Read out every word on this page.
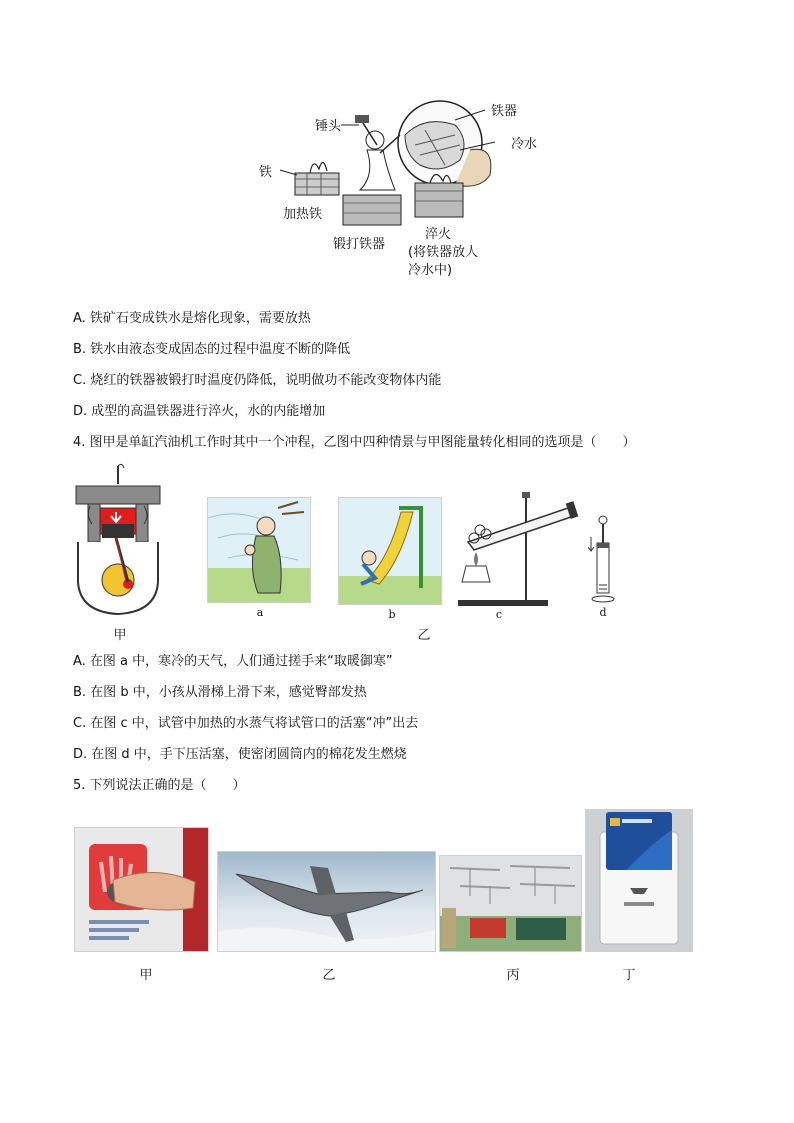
锤头
铁器
冷水
铁
加热铁
锻打铁器
淬火
(将铁器放人
冷水中)
A. 铁矿石变成铁水是熔化现象，需要放热
B. 铁水由液态变成固态的过程中温度不断的降低
C. 烧红的铁器被锻打时温度仍降低，说明做功不能改变物体内能
D. 成型的高温铁器进行淬火，水的内能增加
4. 图甲是单缸汽油机工作时其中一个冲程，乙图中四种情景与甲图能量转化相同的选项是（　　）
甲
a	b	c	d
乙
A. 在图 a 中，寒冷的天气，人们通过搓手来“取暖御寒”
B. 在图 b 中，小孩从滑梯上滑下来，感觉臀部发热
C. 在图 c 中，试管中加热的水蒸气将试管口的活塞“冲”出去
D. 在图 d 中，手下压活塞，使密闭圆筒内的棉花发生燃烧
5. 下列说法正确的是（　　）
甲	乙	丙	丁
